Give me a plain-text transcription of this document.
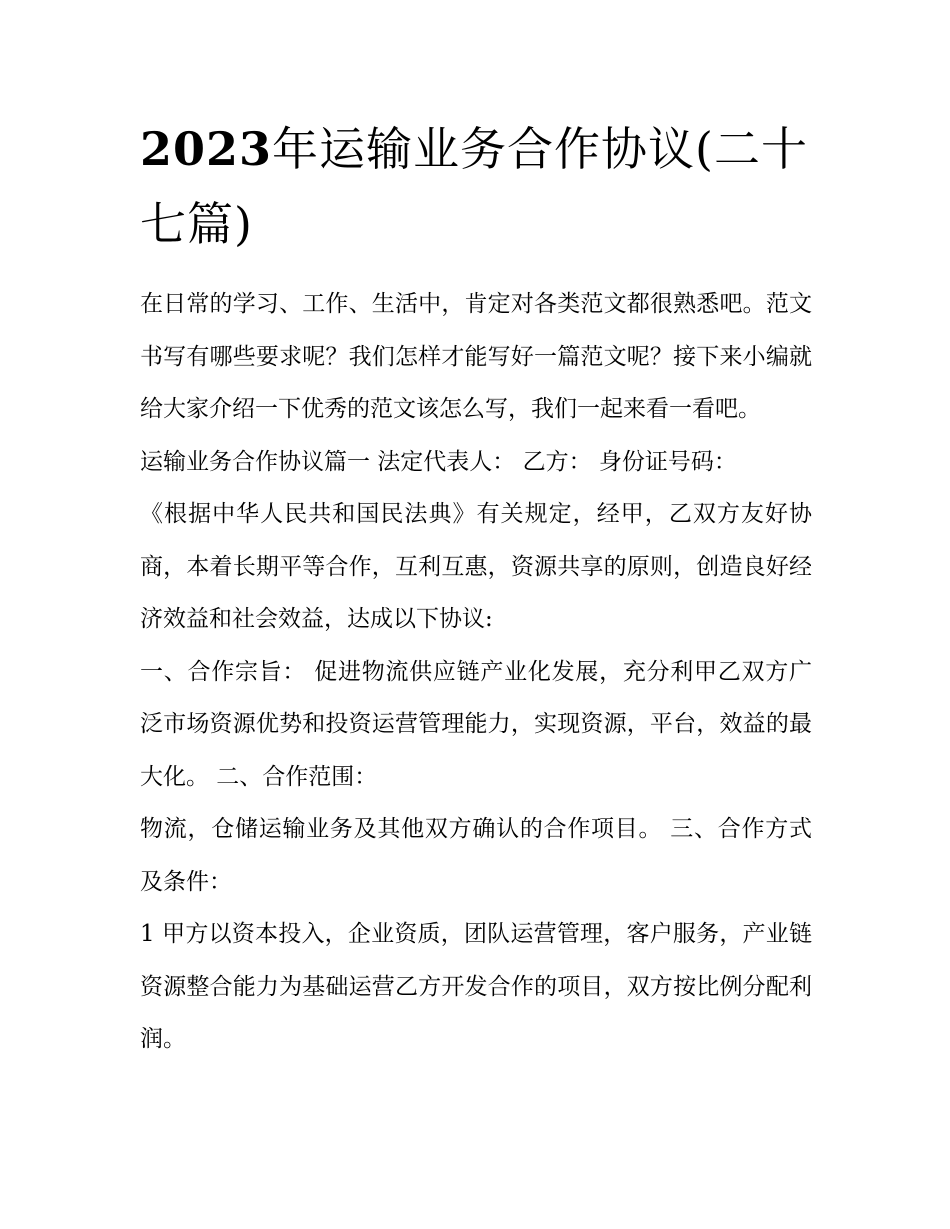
2023年运输业务合作协议(二十七篇)

在日常的学习、工作、生活中，肯定对各类范文都很熟悉吧。范文书写有哪些要求呢？我们怎样才能写好一篇范文呢？接下来小编就给大家介绍一下优秀的范文该怎么写，我们一起来看一看吧。

运输业务合作协议篇一 法定代表人： 乙方： 身份证号码：

《根据中华人民共和国民法典》有关规定，经甲，乙双方友好协商，本着长期平等合作，互利互惠，资源共享的原则，创造良好经济效益和社会效益，达成以下协议:

一、合作宗旨： 促进物流供应链产业化发展，充分利甲乙双方广泛市场资源优势和投资运营管理能力，实现资源，平台，效益的最大化。 二、合作范围：

物流，仓储运输业务及其他双方确认的合作项目。 三、合作方式及条件：

1 甲方以资本投入，企业资质，团队运营管理，客户服务，产业链资源整合能力为基础运营乙方开发合作的项目，双方按比例分配利润。
